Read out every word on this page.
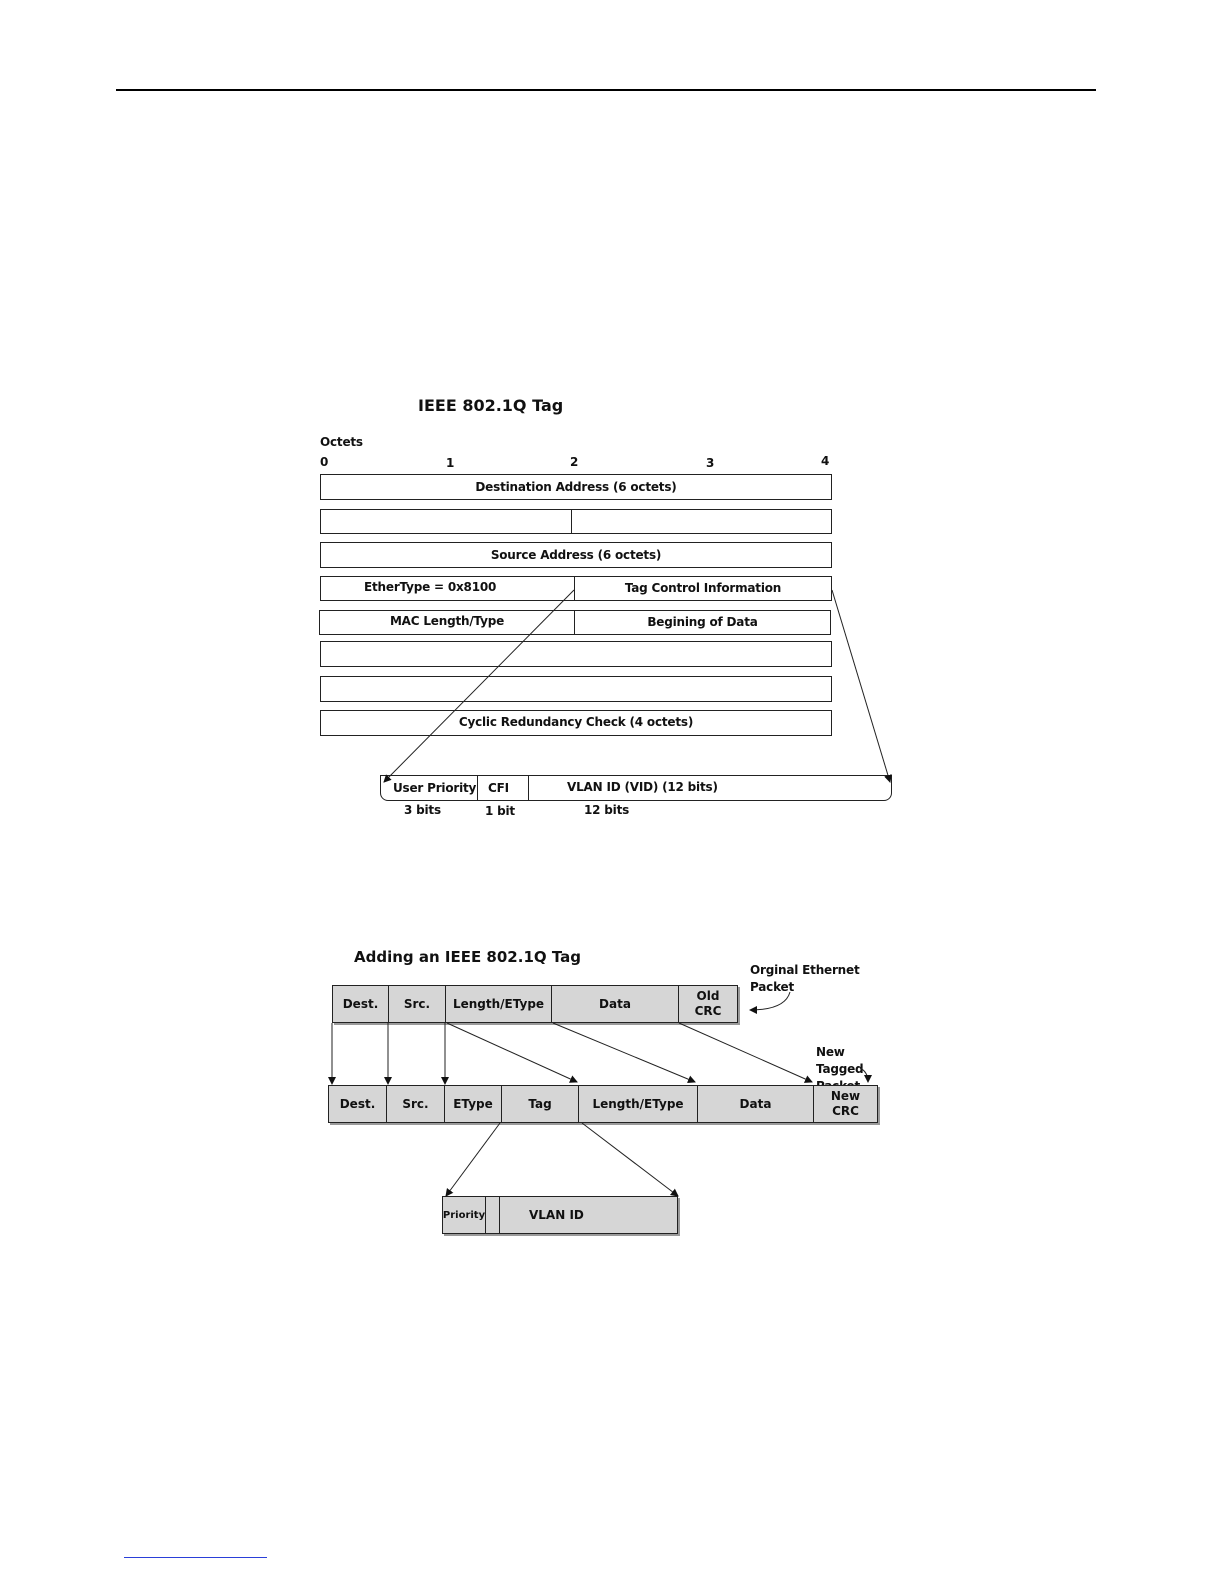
IEEE 802.1Q Tag
Octets
0	1	2	3	4
Destination Address (6 octets)
Source Address (6 octets)
EtherType = 0x8100	Tag Control Information
MAC Length/Type	Begining of Data
Cyclic Redundancy Check (4 octets)
User Priority CFI	VLAN ID (VID) (12 bits)
3 bits	1 bit	12 bits
Adding an IEEE 802.1Q Tag
Orginal Ethernet Packet
New Tagged
Dest. Src. Length/EType	Data
Old CRC
Dest. Src. EType	Tag	Length/EType	Data
New CRC
Priority	VLAN ID
